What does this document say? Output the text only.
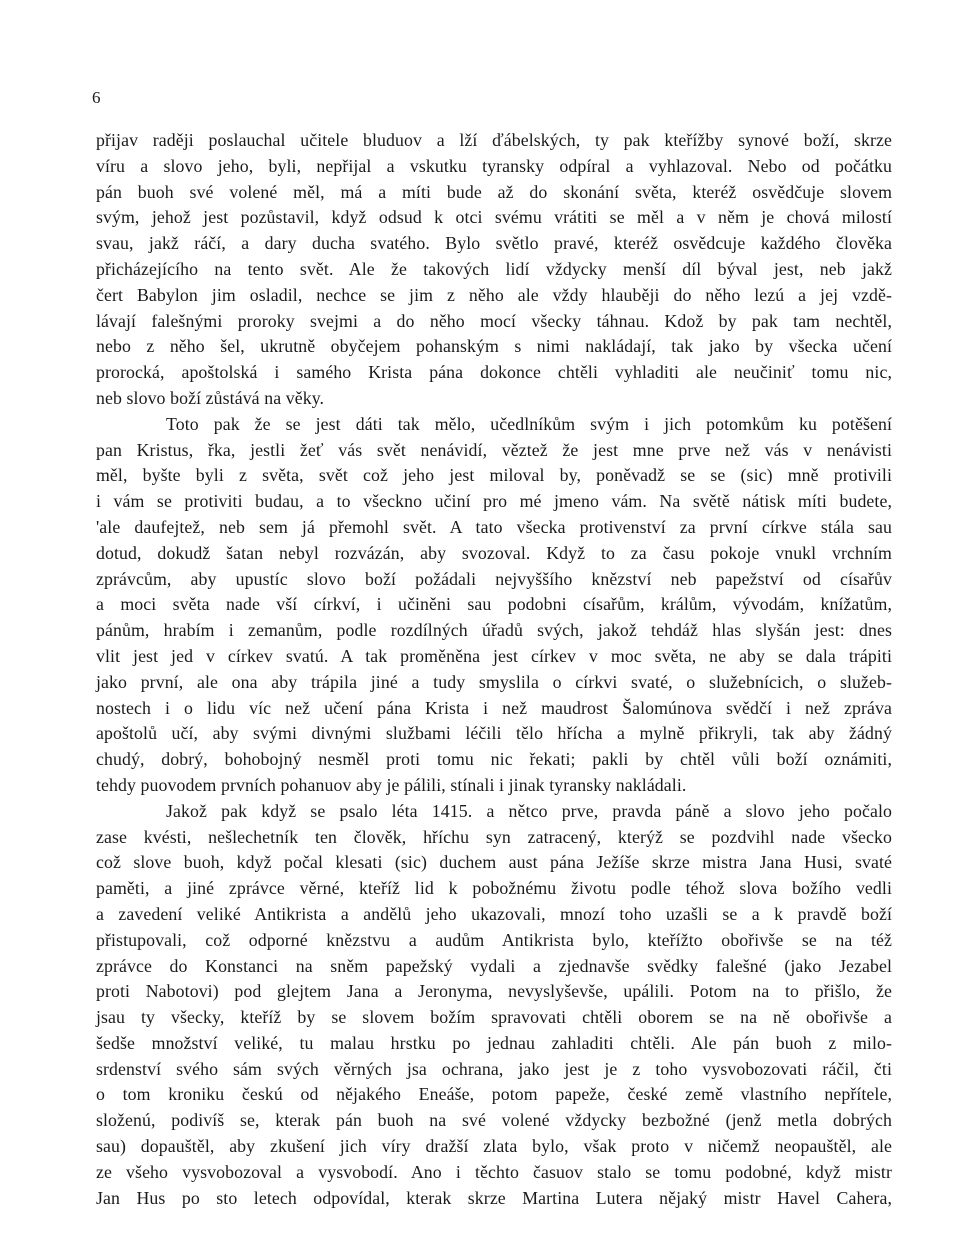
6
přijav raději poslauchal učitele bluduov a lží ďábelských, ty pak kteřížby synové boží, skrze
víru a slovo jeho, byli, nepřijal a vskutku tyransky odpíral a vyhlazoval. Nebo od počátku
pán buoh své volené měl, má a míti bude až do skonání světa, kteréž osvědčuje slovem
svým, jehož jest pozůstavil, když odsud k otci svému vrátiti se měl a v něm je chová milostí
svau, jakž ráčí, a dary ducha svatého. Bylo světlo pravé, kteréž osvědcuje každého člověka
přicházejícího na tento svět. Ale že takových lidí vždycky menší díl býval jest, neb jakž
čert Babylon jim osladil, nechce se jim z něho ale vždy hlauběji do něho lezú a jej vzdě-
lávají falešnými proroky svejmi a do něho mocí všecky táhnau. Kdož by pak tam nechtěl,
nebo z něho šel, ukrutně obyčejem pohanským s nimi nakládají, tak jako by všecka učení
prorocká, apoštolská i samého Krista pána dokonce chtěli vyhladiti ale neučiniť tomu nic,
neb slovo boží zůstává na věky.
Toto pak že se jest dáti tak mělo, učedlníkům svým i jich potomkům ku potěšení
pan Kristus, řka, jestli žeť vás svět nenávidí, věztež že jest mne prve než vás v nenávisti
měl, byšte byli z světa, svět což jeho jest miloval by, poněvadž se se (sic) mně protivili
i vám se protiviti budau, a to všeckno učiní pro mé jmeno vám. Na světě nátisk míti budete,
'ale daufejtež, neb sem já přemohl svět. A tato všecka protivenství za první církve stála sau
dotud, dokudž šatan nebyl rozvázán, aby svozoval. Když to za času pokoje vnukl vrchním
zprávcům, aby upustíc slovo boží požádali nejvyššího knězství neb papežství od císařův
a moci světa nade vší církví, i učiněni sau podobni císařům, králům, vývodám, knížatům,
pánům, hrabím i zemanům, podle rozdílných úřadů svých, jakož tehdáž hlas slyšán jest: dnes
vlit jest jed v církev svatú. A tak proměněna jest církev v moc světa, ne aby se dala trápiti
jako první, ale ona aby trápila jiné a tudy smyslila o církvi svaté, o služebnícich, o služeb-
nostech i o lidu víc než učení pána Krista i než maudrost Šalomúnova svědčí i než zpráva
apoštolů učí, aby svými divnými službami léčili tělo hřícha a mylně přikryli, tak aby žádný
chudý, dobrý, bohobojný nesměl proti tomu nic řekati; pakli by chtěl vůli boží oznámiti,
tehdy puovodem prvních pohanuov aby je pálili, stínali i jinak tyransky nakládali.
Jakož pak když se psalo léta 1415. a nětco prve, pravda páně a slovo jeho počalo
zase kvésti, nešlechetník ten člověk, hříchu syn zatracený, kterýž se pozdvihl nade všecko
což slove buoh, když počal klesati (sic) duchem aust pána Ježíše skrze mistra Jana Husi, svaté
paměti, a jiné zprávce věrné, kteříž lid k pobožnému životu podle téhož slova božího vedli
a zavedení veliké Antikrista a andělů jeho ukazovali, mnozí toho uzašli se a k pravdě boží
přistupovali, což odporné knězstvu a audům Antikrista bylo, kteřížto obořivše se na též
zprávce do Konstanci na sněm papežský vydali a zjednavše svědky falešné (jako Jezabel
proti Nabotovi) pod glejtem Jana a Jeronyma, nevyslyševše, upálili. Potom na to přišlo, že
jsau ty všecky, kteříž by se slovem božím spravovati chtěli oborem se na ně obořivše a
šedše množství veliké, tu malau hrstku po jednau zahladiti chtěli. Ale pán buoh z milo-
srdenství svého sám svých věrných jsa ochrana, jako jest je z toho vysvobozovati ráčil, čti
o tom kroniku českú od nějakého Eneáše, potom papeže, české země vlastního nepřítele,
složenú, podivíš se, kterak pán buoh na své volené vždycky bezbožné (jenž metla dobrých
sau) dopauštěl, aby zkušení jich víry dražší zlata bylo, však proto v ničemž neopauštěl, ale
ze všeho vysvobozoval a vysvobodí. Ano i těchto časuov stalo se tomu podobné, když mistr
Jan Hus po sto letech odpovídal, kterak skrze Martina Lutera nějaký mistr Havel Cahera,
